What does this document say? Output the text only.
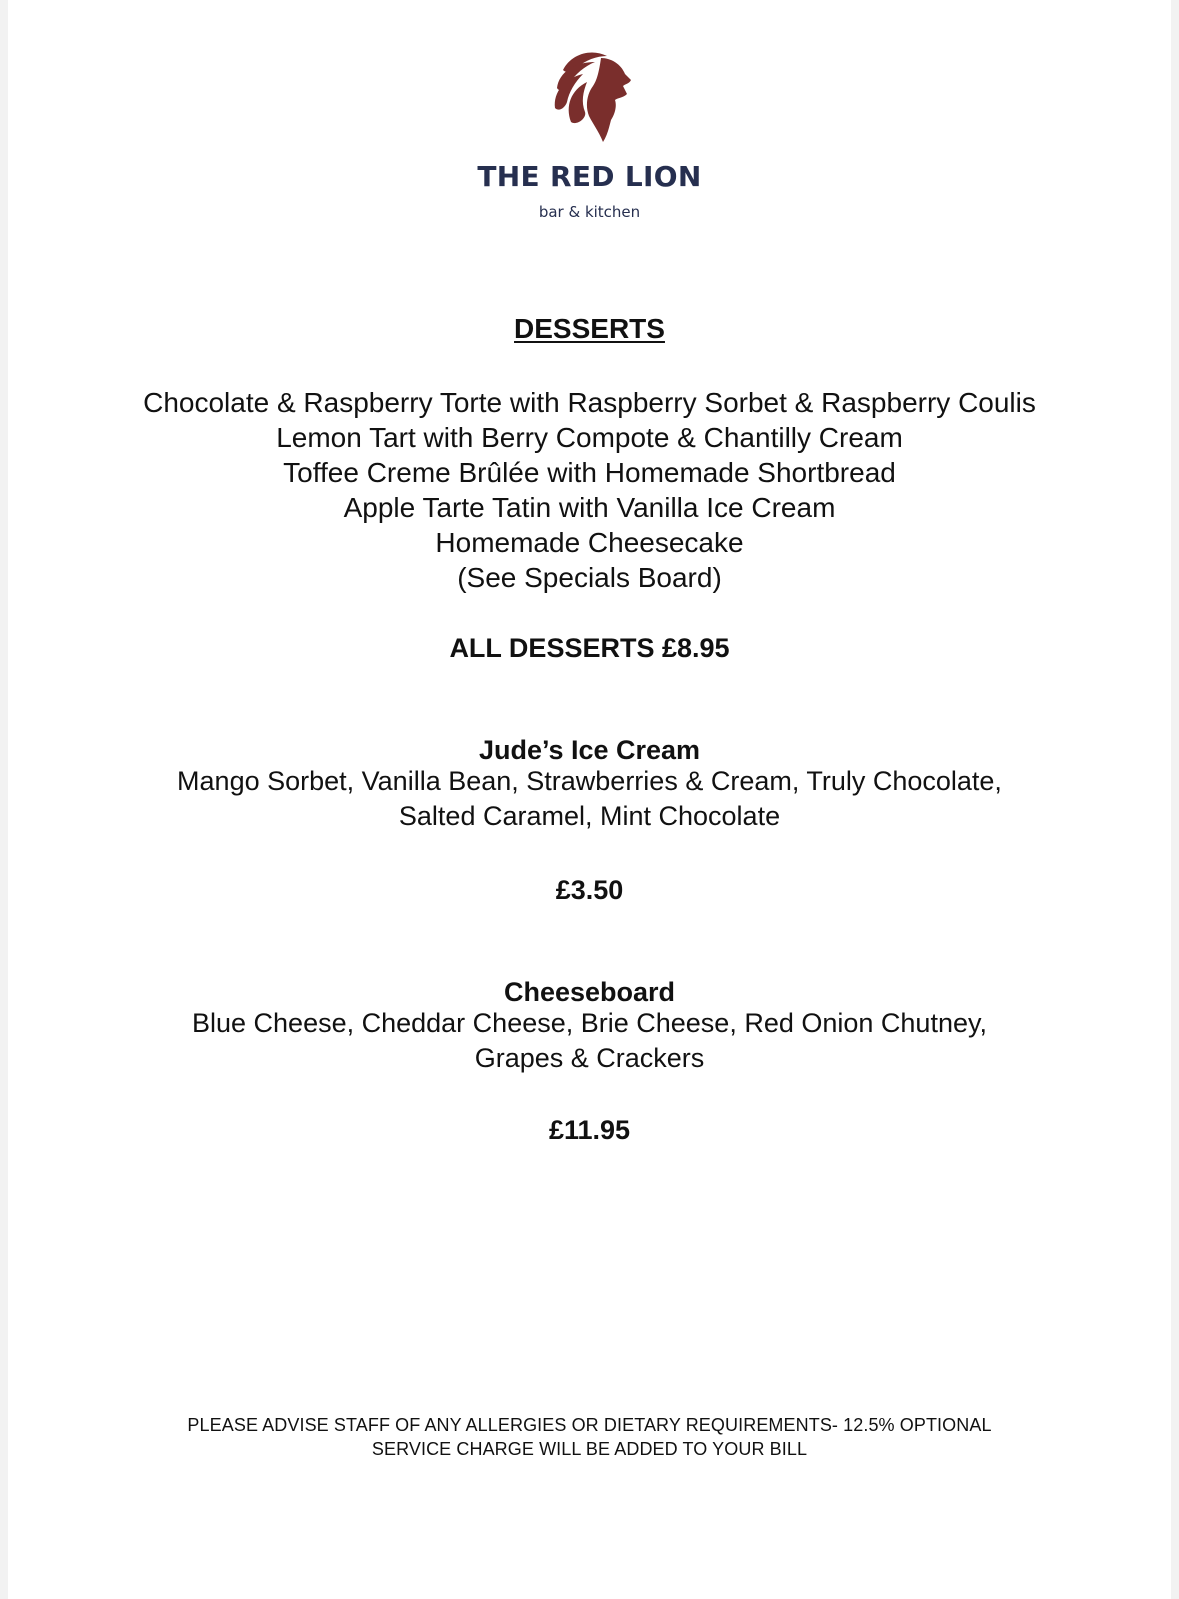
THE RED LION
bar & kitchen
DESSERTS
Chocolate & Raspberry Torte with Raspberry Sorbet & Raspberry Coulis
Lemon Tart with Berry Compote & Chantilly Cream
Toffee Creme Brûlée with Homemade Shortbread
Apple Tarte Tatin with Vanilla Ice Cream
Homemade Cheesecake
(See Specials Board)
ALL DESSERTS £8.95
Jude’s Ice Cream
Mango Sorbet, Vanilla Bean, Strawberries & Cream, Truly Chocolate,
Salted Caramel, Mint Chocolate
£3.50
Cheeseboard
Blue Cheese, Cheddar Cheese, Brie Cheese, Red Onion Chutney,
Grapes & Crackers
£11.95
PLEASE ADVISE STAFF OF ANY ALLERGIES OR DIETARY REQUIREMENTS- 12.5% OPTIONAL
SERVICE CHARGE WILL BE ADDED TO YOUR BILL
